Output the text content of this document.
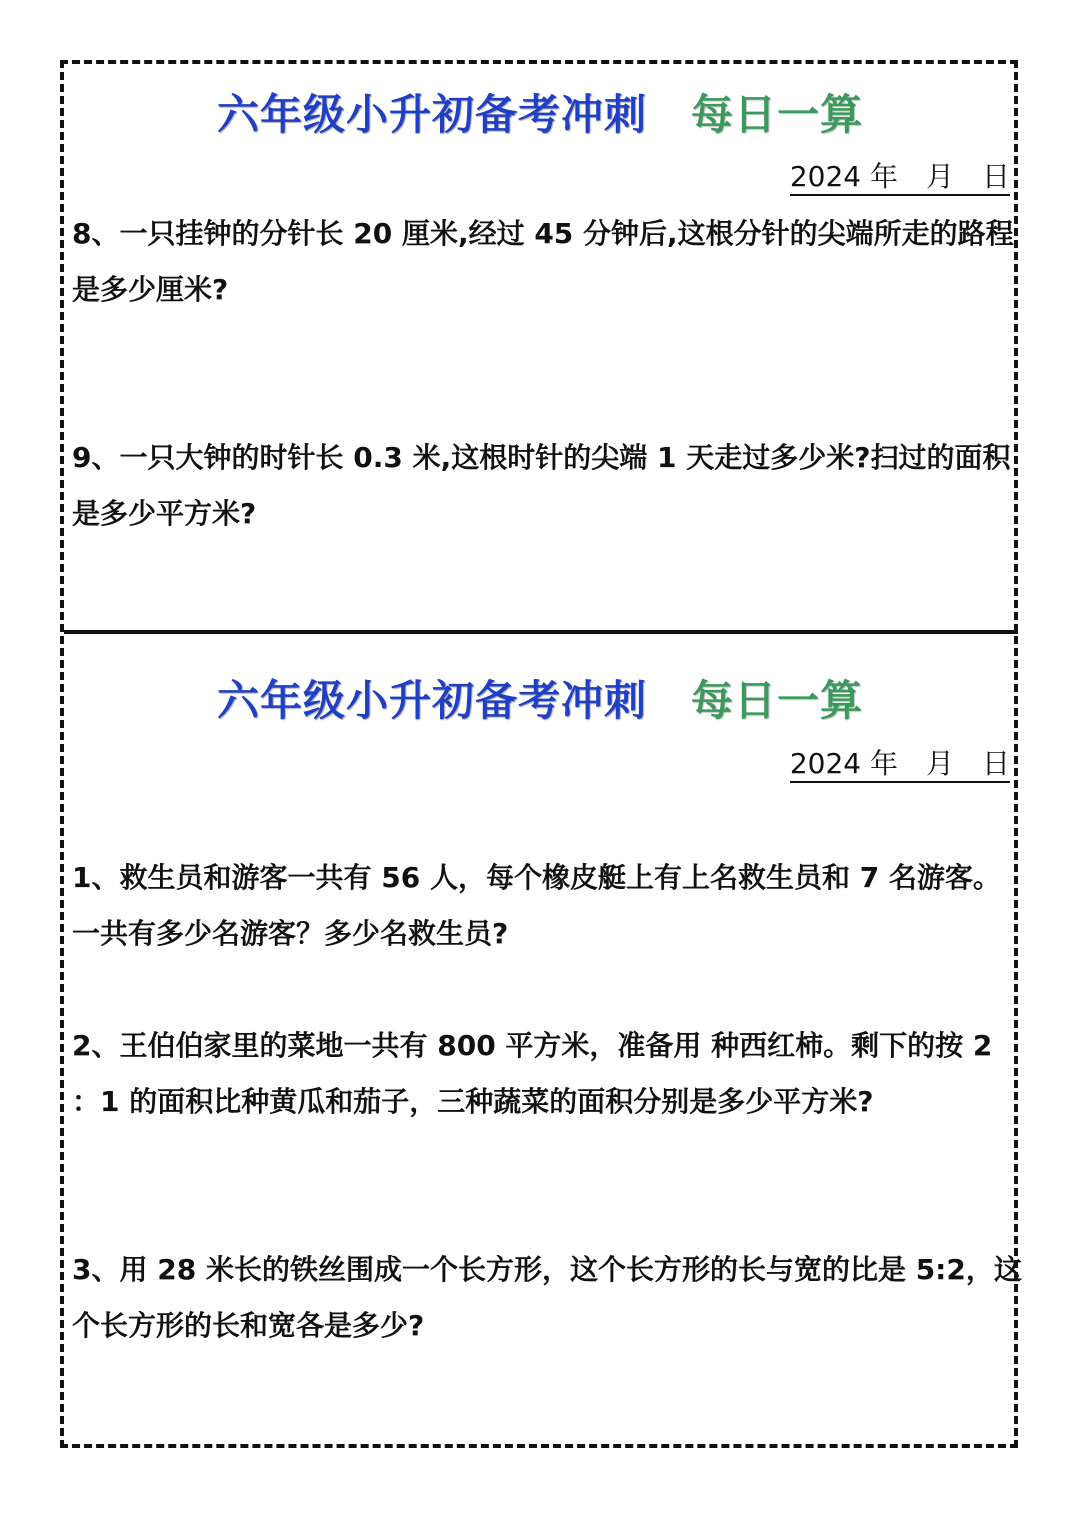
六年级小升初备考冲刺 每日一算
2024 年　月　日
8、一只挂钟的分针长 20 厘米,经过 45 分钟后,这根分针的尖端所走的路程
是多少厘米?
9、一只大钟的时针长 0.3 米,这根时针的尖端 1 天走过多少米?扫过的面积
是多少平方米?
六年级小升初备考冲刺 每日一算
2024 年　月　日
1、救生员和游客一共有 56 人，每个橡皮艇上有上名救生员和 7 名游客。
一共有多少名游客？多少名救生员?
2、王伯伯家里的菜地一共有 800 平方米，准备用 种西红柿。剩下的按 2
：1 的面积比种黄瓜和茄子，三种蔬菜的面积分别是多少平方米?
3、用 28 米长的铁丝围成一个长方形，这个长方形的长与宽的比是 5:2，这
个长方形的长和宽各是多少?
